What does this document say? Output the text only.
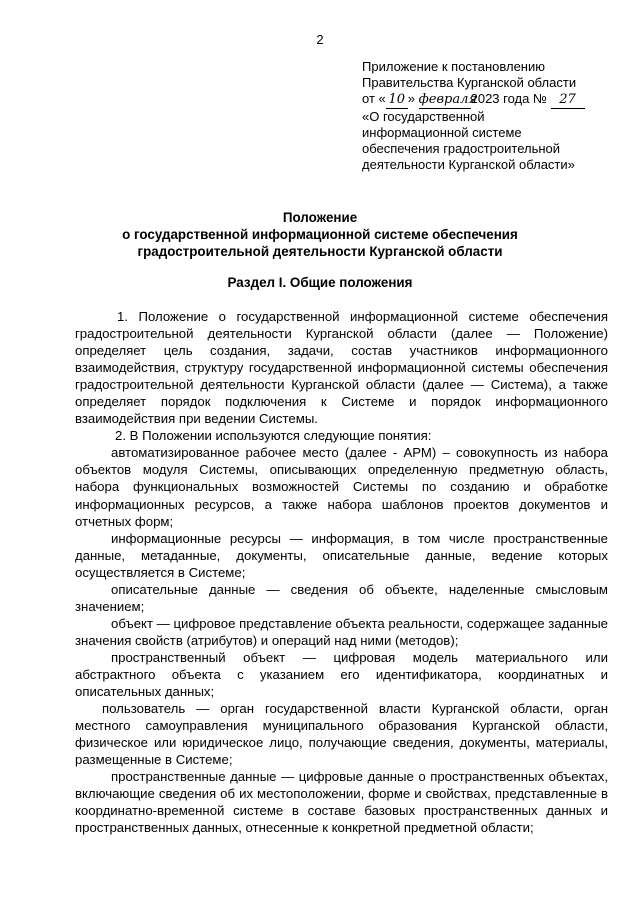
2
Приложение к постановлению
Правительства Курганской области
от « 10 » февраля2023 года № 27
«О государственной
информационной системе
обеспечения градостроительной
деятельности Курганской области»
Положение
о государственной информационной системе обеспечения
градостроительной деятельности Курганской области
Раздел I. Общие положения

1. Положение о государственной информационной системе обеспечения градостроительной деятельности Курганской области (далее — Положение) определяет цель создания, задачи, состав участников информационного взаимодействия, структуру государственной информационной системы обеспечения градостроительной деятельности Курганской области (далее — Система), а также определяет порядок подключения к Системе и порядок информационного взаимодействия при ведении Системы.

2. В Положении используются следующие понятия:

автоматизированное рабочее место (далее - АРМ) – совокупность из набора объектов модуля Системы, описывающих определенную предметную область, набора функциональных возможностей Системы по созданию и обработке информационных ресурсов, а также набора шаблонов проектов документов и отчетных форм;

информационные ресурсы — информация, в том числе пространственные данные, метаданные, документы, описательные данные, ведение которых осуществляется в Системе;

описательные данные — сведения об объекте, наделенные смысловым значением;

объект — цифровое представление объекта реальности, содержащее заданные значения свойств (атрибутов) и операций над ними (методов);

пространственный объект — цифровая модель материального или абстрактного объекта с указанием его идентификатора, координатных и описательных данных;

пользователь — орган государственной власти Курганской области, орган местного самоуправления муниципального образования Курганской области, физическое или юридическое лицо, получающие сведения, документы, материалы, размещенные в Системе;

пространственные данные — цифровые данные о пространственных объектах, включающие сведения об их местоположении, форме и свойствах, представленные в координатно-временной системе в составе базовых пространственных данных и пространственных данных, отнесенные к конкретной предметной области;
